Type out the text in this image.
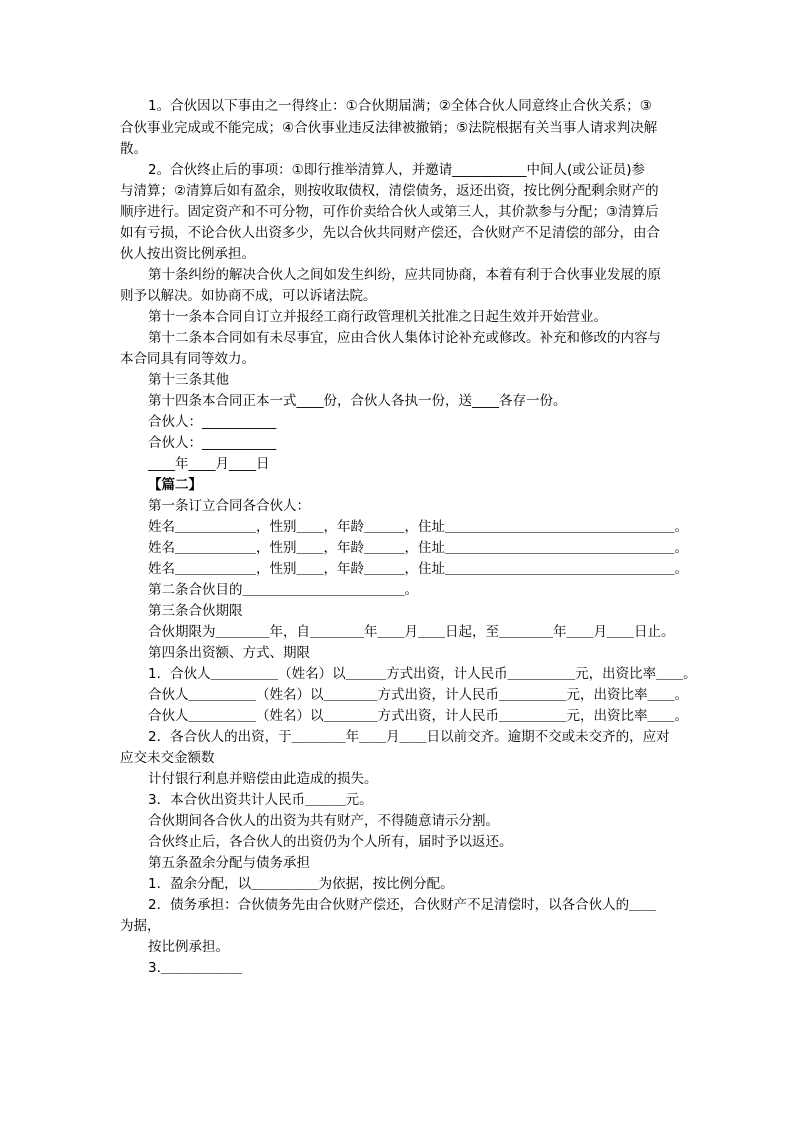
1。合伙因以下事由之一得终止：①合伙期届满；②全体合伙人同意终止合伙关系；③
合伙事业完成或不能完成；④合伙事业违反法律被撤销；⑤法院根据有关当事人请求判决解
散。
2。合伙终止后的事项：①即行推举清算人，并邀请___________中间人(或公证员)参
与清算；②清算后如有盈余，则按收取债权，清偿债务，返还出资，按比例分配剩余财产的
顺序进行。固定资产和不可分物，可作价卖给合伙人或第三人，其价款参与分配；③清算后
如有亏损，不论合伙人出资多少，先以合伙共同财产偿还，合伙财产不足清偿的部分，由合
伙人按出资比例承担。
第十条纠纷的解决合伙人之间如发生纠纷，应共同协商，本着有利于合伙事业发展的原
则予以解决。如协商不成，可以诉诸法院。
第十一条本合同自订立并报经工商行政管理机关批准之日起生效并开始营业。
第十二条本合同如有未尽事宜，应由合伙人集体讨论补充或修改。补充和修改的内容与
本合同具有同等效力。
第十三条其他
第十四条本合同正本一式____份，合伙人各执一份，送____各存一份。
合伙人：___________
合伙人：___________
____年____月____日
【篇二】
第一条订立合同各合伙人：
姓名＿＿＿＿＿＿，性别＿＿，年龄＿＿＿，住址＿＿＿＿＿＿＿＿＿＿＿＿＿＿＿＿＿。
姓名＿＿＿＿＿＿，性别＿＿，年龄＿＿＿，住址＿＿＿＿＿＿＿＿＿＿＿＿＿＿＿＿＿。
姓名＿＿＿＿＿＿，性别＿＿，年龄＿＿＿，住址＿＿＿＿＿＿＿＿＿＿＿＿＿＿＿＿＿。
第二条合伙目的＿＿＿＿＿＿＿＿＿＿＿＿。
第三条合伙期限
合伙期限为＿＿＿＿年，自＿＿＿＿年＿＿月＿＿日起，至＿＿＿＿年＿＿月＿＿日止。
第四条出资额、方式、期限
1．合伙人＿＿＿＿＿（姓名）以＿＿＿方式出资，计人民币＿＿＿＿＿元，出资比率＿＿。
合伙人＿＿＿＿＿（姓名）以＿＿＿＿方式出资，计人民币＿＿＿＿＿元，出资比率＿＿。
合伙人＿＿＿＿＿（姓名）以＿＿＿＿方式出资，计人民币＿＿＿＿＿元，出资比率＿＿。
2．各合伙人的出资，于＿＿＿＿年＿＿月＿＿日以前交齐。逾期不交或未交齐的，应对
应交未交金额数
计付银行利息并赔偿由此造成的损失。
3．本合伙出资共计人民币＿＿＿元。
合伙期间各合伙人的出资为共有财产，不得随意请示分割。
合伙终止后，各合伙人的出资仍为个人所有，届时予以返还。
第五条盈余分配与债务承担
1．盈余分配，以＿＿＿＿＿为依据，按比例分配。
2．债务承担：合伙债务先由合伙财产偿还，合伙财产不足清偿时，以各合伙人的＿＿
为据，
按比例承担。
3.＿＿＿＿＿＿
